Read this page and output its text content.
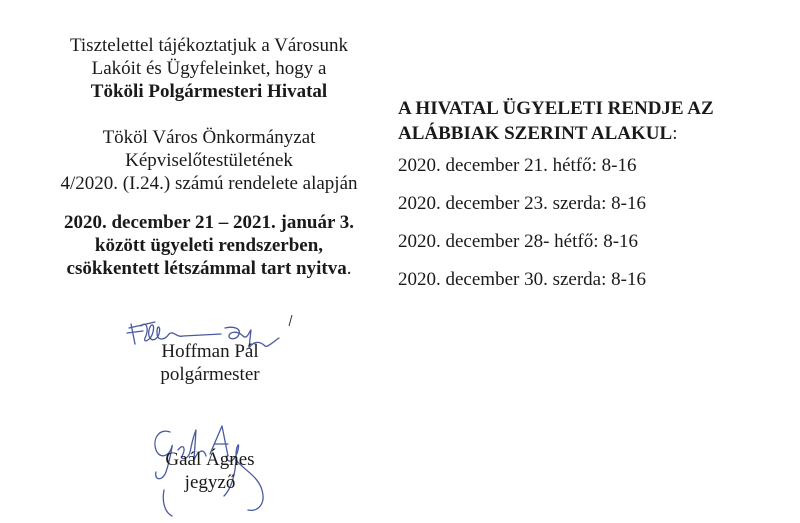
Tisztelettel tájékoztatjuk a Városunk
Lakóit és Ügyfeleinket, hogy a
Tököli Polgármesteri Hivatal
Tököl Város Önkormányzat
Képviselőtestületének
4/2020. (I.24.) számú rendelete alapján
2020. december 21 – 2021. január 3.
között ügyeleti rendszerben,
csökkentett létszámmal tart nyitva.
A HIVATAL ÜGYELETI RENDJE AZ
ALÁBBIAK SZERINT ALAKUL:
2020. december 21. hétfő: 8-16
2020. december 23. szerda: 8-16
2020. december 28- hétfő: 8-16
2020. december 30. szerda: 8-16
Hoffman Pál
polgármester
Gaál Ágnes
jegyző
